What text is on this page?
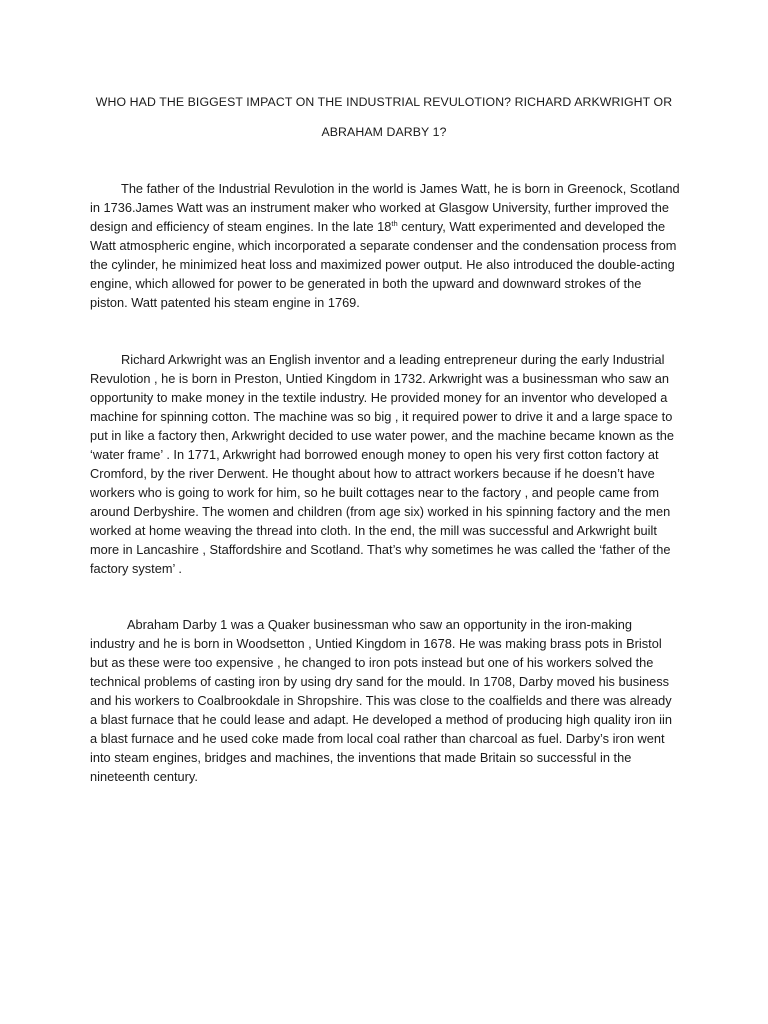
WHO HAD THE BIGGEST IMPACT ON THE INDUSTRIAL REVULOTION? RICHARD ARKWRIGHT OR
ABRAHAM DARBY 1?

The father of the Industrial Revulotion in the world is James Watt, he is born in Greenock, Scotland in 1736.James Watt was an instrument maker who worked at Glasgow University, further improved the design and efficiency of steam engines. In the late 18th century, Watt experimented and developed the Watt atmospheric engine, which incorporated a separate condenser and the condensation process from the cylinder, he minimized heat loss and maximized power output. He also introduced the double-acting engine, which allowed for power to be generated in both the upward and downward strokes of the piston. Watt patented his steam engine in 1769.

Richard Arkwright was an English inventor and a leading entrepreneur during the early Industrial Revulotion , he is born in Preston, Untied Kingdom in 1732. Arkwright was a businessman who saw an opportunity to make money in the textile industry. He provided money for an inventor who developed a machine for spinning cotton. The machine was so big , it required power to drive it and a large space to put in like a factory then, Arkwright decided to use water power, and the machine became known as the ‘water frame’ . In 1771, Arkwright had borrowed enough money to open his very first cotton factory at Cromford, by the river Derwent. He thought about how to attract workers because if he doesn’t have workers who is going to work for him, so he built cottages near to the factory , and people came from around Derbyshire. The women and children (from age six) worked in his spinning factory and the men worked at home weaving the thread into cloth. In the end, the mill was successful and Arkwright built more in Lancashire , Staffordshire and Scotland. That’s why sometimes he was called the ‘father of the factory system’ .

Abraham Darby 1 was a Quaker businessman who saw an opportunity in the iron-making industry and he is born in Woodsetton , Untied Kingdom in 1678. He was making brass pots in Bristol but as these were too expensive , he changed to iron pots instead but one of his workers solved the technical problems of casting iron by using dry sand for the mould. In 1708, Darby moved his business and his workers to Coalbrookdale in Shropshire. This was close to the coalfields and there was already a blast furnace that he could lease and adapt. He developed a method of producing high quality iron iin a blast furnace and he used coke made from local coal rather than charcoal as fuel. Darby’s iron went into steam engines, bridges and machines, the inventions that made Britain so successful in the nineteenth century.
